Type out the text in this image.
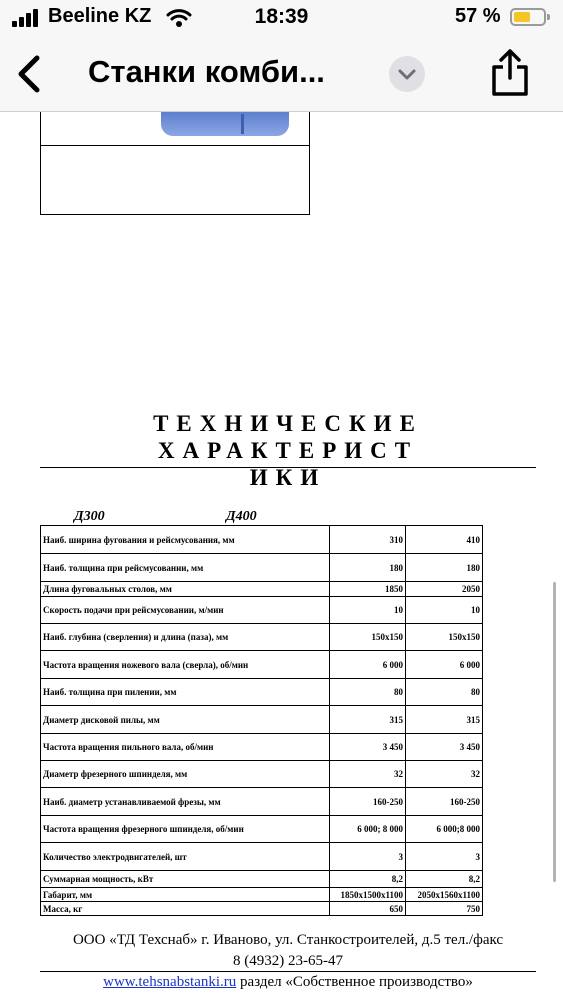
Beeline KZ	18:39	57 %
Станки комби...
ТЕХНИЧЕСКИЕ ХАРАКТЕРИСТ
ИКИ
Д300	Д400
Наиб. ширина фугования и рейсмусования, мм	310	410
Наиб. толщина при рейсмусовании, мм	180	180
Длина фуговальных столов, мм	1850	2050
Скорость подачи при рейсмусовании, м/мин	10	10
Наиб. глубина (сверления) и длина (паза), мм	150х150	150х150
Частота вращения ножевого вала (сверла), об/мин	6 000	6 000
Наиб. толщина при пилении, мм	80	80
Диаметр дисковой пилы, мм	315	315
Частота вращения пильного вала, об/мин	3 450	3 450
Диаметр фрезерного шпинделя, мм	32	32
Наиб. диаметр устанавливаемой фрезы, мм	160-250	160-250
Частота вращения фрезерного шпинделя, об/мин	6 000; 8 000	6 000;8 000
Количество электродвигателей, шт	3	3
Суммарная мощность, кВт	8,2	8,2
Габарит, мм	1850х1500х1100	2050х1560х1100
Масса, кг	650	750
ООО «ТД Техснаб» г. Иваново, ул. Станкостроителей, д.5 тел./факс
8 (4932) 23-65-47
www.tehsnabstanki.ru раздел «Собственное производство»
